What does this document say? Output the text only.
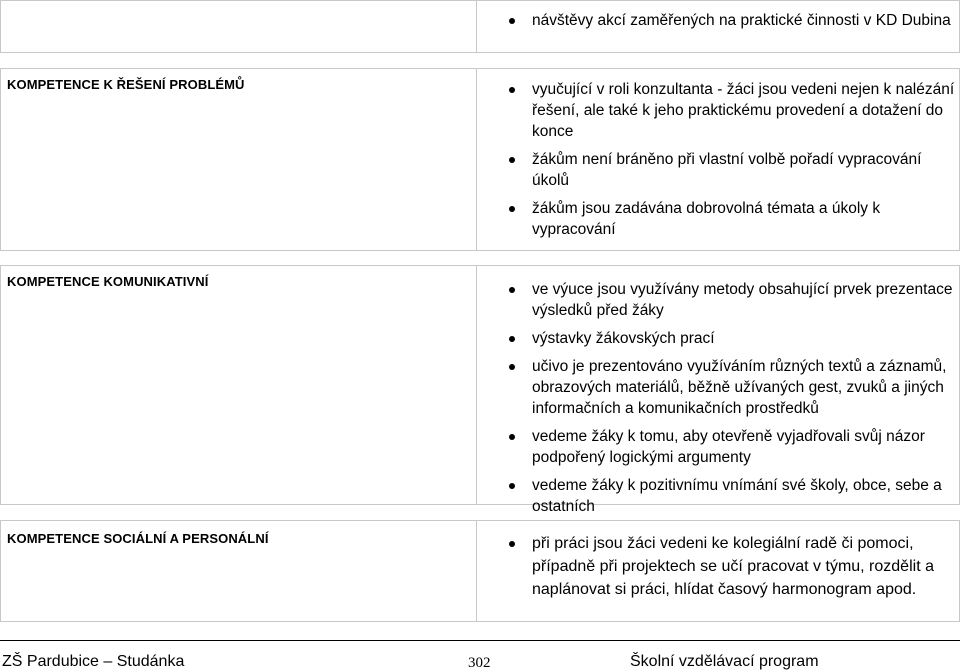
návštěvy akcí zaměřených na praktické činnosti v KD Dubina
KOMPETENCE K ŘEŠENÍ PROBLÉMŮ	vyučující v roli konzultanta - žáci jsou vedeni nejen k nalézání řešení, ale také k jeho praktickému provedení a dotažení do konce
žákům není bráněno při vlastní volbě pořadí vypracování úkolů
žákům jsou zadávána dobrovolná témata a úkoly k vypracování
KOMPETENCE KOMUNIKATIVNÍ	ve výuce jsou využívány metody obsahující prvek prezentace výsledků před žáky
výstavky žákovských prací
učivo je prezentováno využíváním různých textů a záznamů, obrazových materiálů, běžně užívaných gest, zvuků a jiných informačních a komunikačních prostředků
vedeme žáky k tomu, aby otevřeně vyjadřovali svůj názor podpořený logickými argumenty
vedeme žáky k pozitivnímu vnímání své školy, obce, sebe a ostatních
KOMPETENCE SOCIÁLNÍ A PERSONÁLNÍ	při práci jsou žáci vedeni ke kolegiální radě či pomoci, případně při projektech se učí pracovat v týmu, rozdělit a naplánovat si práci, hlídat časový harmonogram apod.
ZŠ Pardubice – Studánka	302	Školní vzdělávací program
